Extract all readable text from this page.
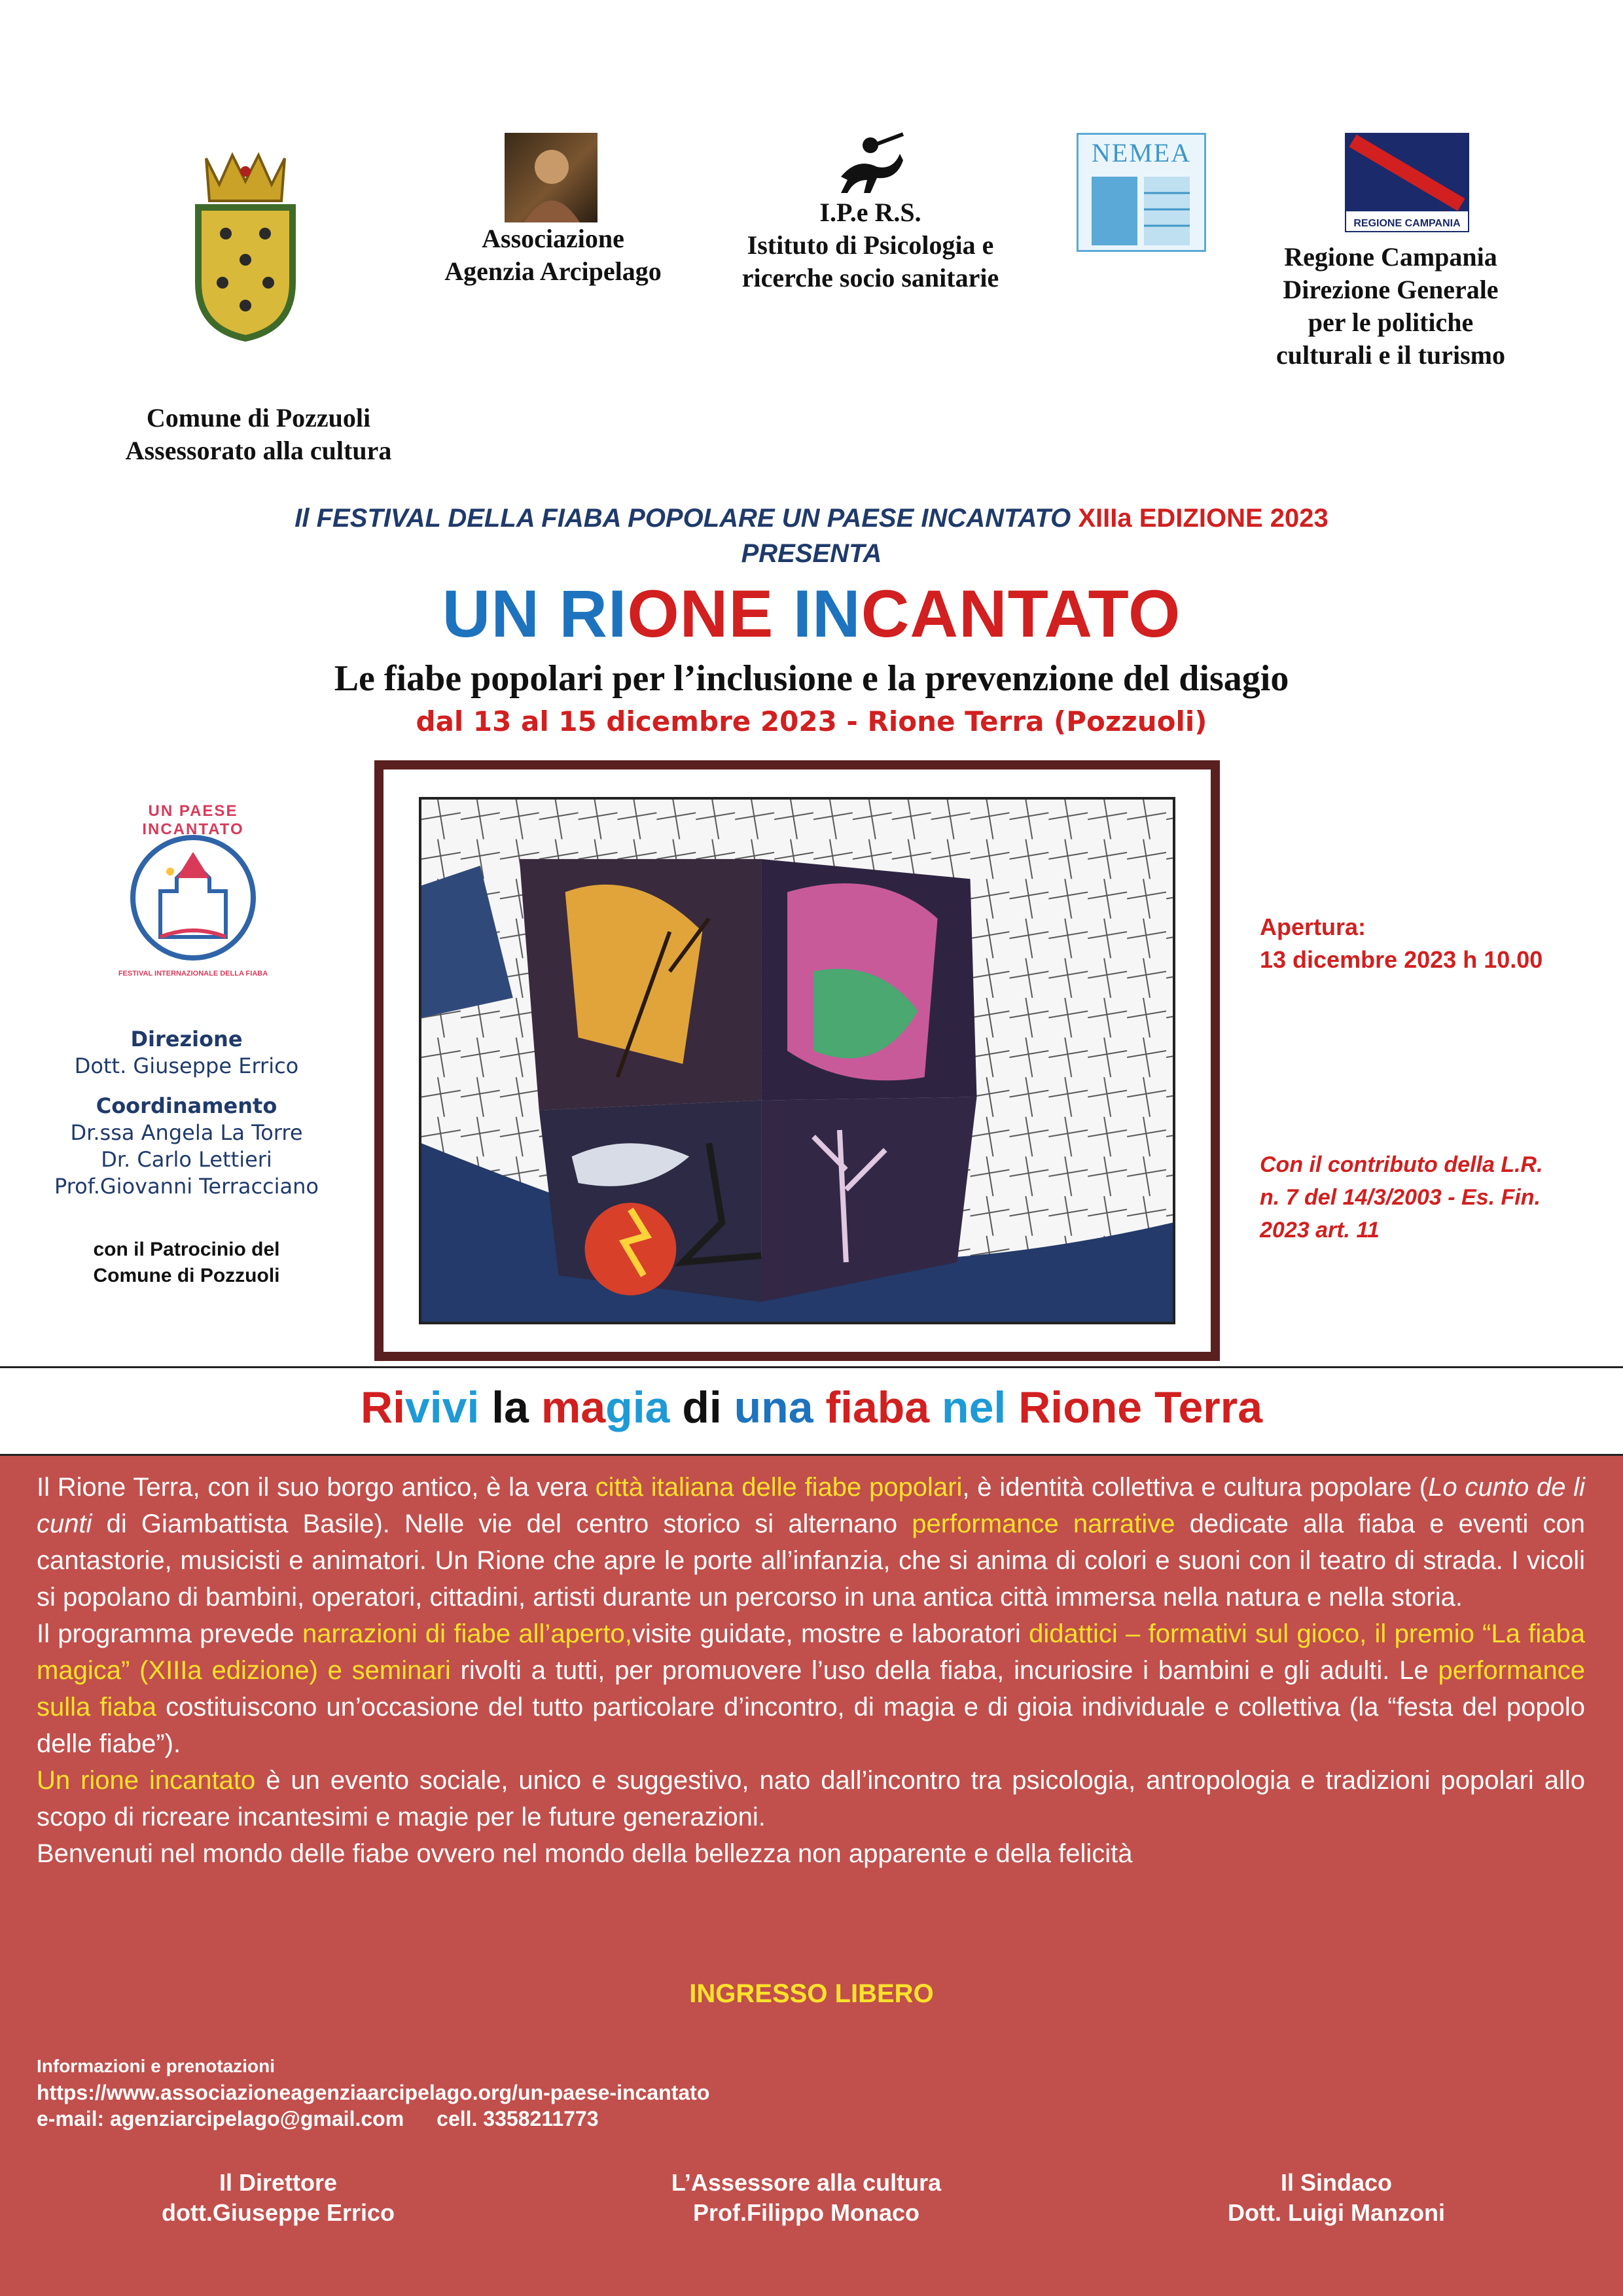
Comune di Pozzuoli
Assessorato alla cultura
Associazione
Agenzia Arcipelago
I.P.e R.S.
Istituto di Psicologia e
ricerche socio sanitarie
NEMEA
REGIONE CAMPANIA
Regione Campania
Direzione Generale
per le politiche
culturali e il turismo
Il FESTIVAL DELLA FIABA POPOLARE UN PAESE INCANTATO XIIIa EDIZIONE 2023
PRESENTA
UN RIONE INCANTATO
Le fiabe popolari per l’inclusione e la prevenzione del disagio
dal 13 al 15 dicembre 2023 - Rione Terra (Pozzuoli)
UN PAESE INCANTATO
FESTIVAL INTERNAZIONALE DELLA FIABA
Direzione
Dott. Giuseppe Errico
Coordinamento
Dr.ssa Angela La Torre
Dr. Carlo Lettieri
Prof.Giovanni Terracciano
con il Patrocinio del
Comune di Pozzuoli
Apertura:
13 dicembre 2023 h 10.00
Con il contributo della L.R.
n. 7 del 14/3/2003 - Es. Fin.
2023 art. 11
Rivivi la magia di una fiaba nel Rione Terra

Il Rione Terra, con il suo borgo antico, è la vera città italiana delle fiabe popolari, è identità collettiva e cultura popolare (Lo cunto de li cunti di Giambattista Basile). Nelle vie del centro storico si alternano performance narrative dedicate alla fiaba e eventi con cantastorie, musicisti e animatori. Un Rione che apre le porte all’infanzia, che si anima di colori e suoni con il teatro di strada. I vicoli si popolano di bambini, operatori, cittadini, artisti durante un percorso in una antica città immersa nella natura e nella storia.

Il programma prevede narrazioni di fiabe all’aperto,visite guidate, mostre e laboratori didattici – formativi sul gioco, il premio “La fiaba magica” (XIIIa edizione) e seminari rivolti a tutti, per promuovere l’uso della fiaba, incuriosire i bambini e gli adulti. Le performance sulla fiaba costituiscono un’occasione del tutto particolare d’incontro, di magia e di gioia individuale e collettiva (la “festa del popolo delle fiabe”).

Un rione incantato è un evento sociale, unico e suggestivo, nato dall’incontro tra psicologia, antropologia e tradizioni popolari allo scopo di ricreare incantesimi e magie per le future generazioni.

Benvenuti nel mondo delle fiabe ovvero nel mondo della bellezza non apparente e della felicità

INGRESSO LIBERO
Informazioni e prenotazioni
https://www.associazioneagenziaarcipelago.org/un-paese-incantato
e-mail: agenziarcipelago@gmail.com cell. 3358211773
Il Direttore
dott.Giuseppe Errico
L’Assessore alla cultura
Prof.Filippo Monaco
Il Sindaco
Dott. Luigi Manzoni
